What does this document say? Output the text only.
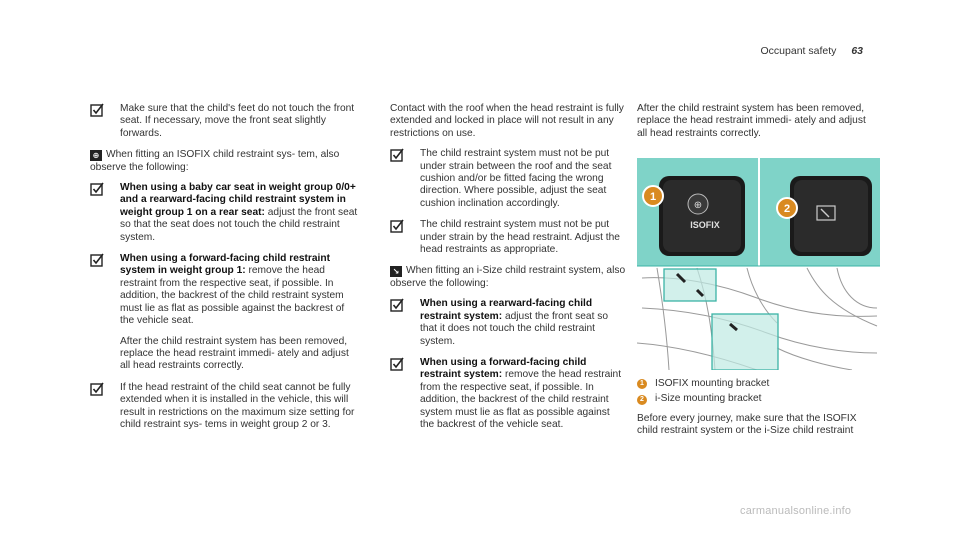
Occupant safety 63
Make sure that the child's feet do not touch the front seat. If necessary, move the front seat slightly forwards.
⊕ When fitting an ISOFIX child restraint sys- tem, also observe the following:
When using a baby car seat in weight group 0/0+ and a rearward-facing child restraint system in weight group 1 on a rear seat: adjust the front seat so that the seat does not touch the child restraint system.
When using a forward-facing child restraint system in weight group 1: remove the head restraint from the respective seat, if possible. In addition, the backrest of the child restraint system must lie as flat as possible against the backrest of the vehicle seat.
After the child restraint system has been removed, replace the head restraint immedi- ately and adjust all head restraints correctly.
If the head restraint of the child seat cannot be fully extended when it is installed in the vehicle, this will result in restrictions on the maximum size setting for child restraint sys- tems in weight group 2 or 3.
Contact with the roof when the head restraint is fully extended and locked in place will not result in any restrictions on use.
The child restraint system must not be put under strain between the roof and the seat cushion and/or be fitted facing the wrong direction. Where possible, adjust the seat cushion inclination accordingly.
The child restraint system must not be put under strain by the head restraint. Adjust the head restraints as appropriate.
↘ When fitting an i-Size child restraint system, also observe the following:
When using a rearward-facing child restraint system: adjust the front seat so that it does not touch the child restraint system.
When using a forward-facing child restraint system: remove the head restraint from the respective seat, if possible. In addition, the backrest of the child restraint system must lie as flat as possible against the backrest of the vehicle seat.
After the child restraint system has been removed, replace the head restraint immedi- ately and adjust all head restraints correctly.
⊕
ISOFIX
1
2
1 ISOFIX mounting bracket
2 i-Size mounting bracket
Before every journey, make sure that the ISOFIX child restraint system or the i-Size child restraint
carmanualsonline.info
